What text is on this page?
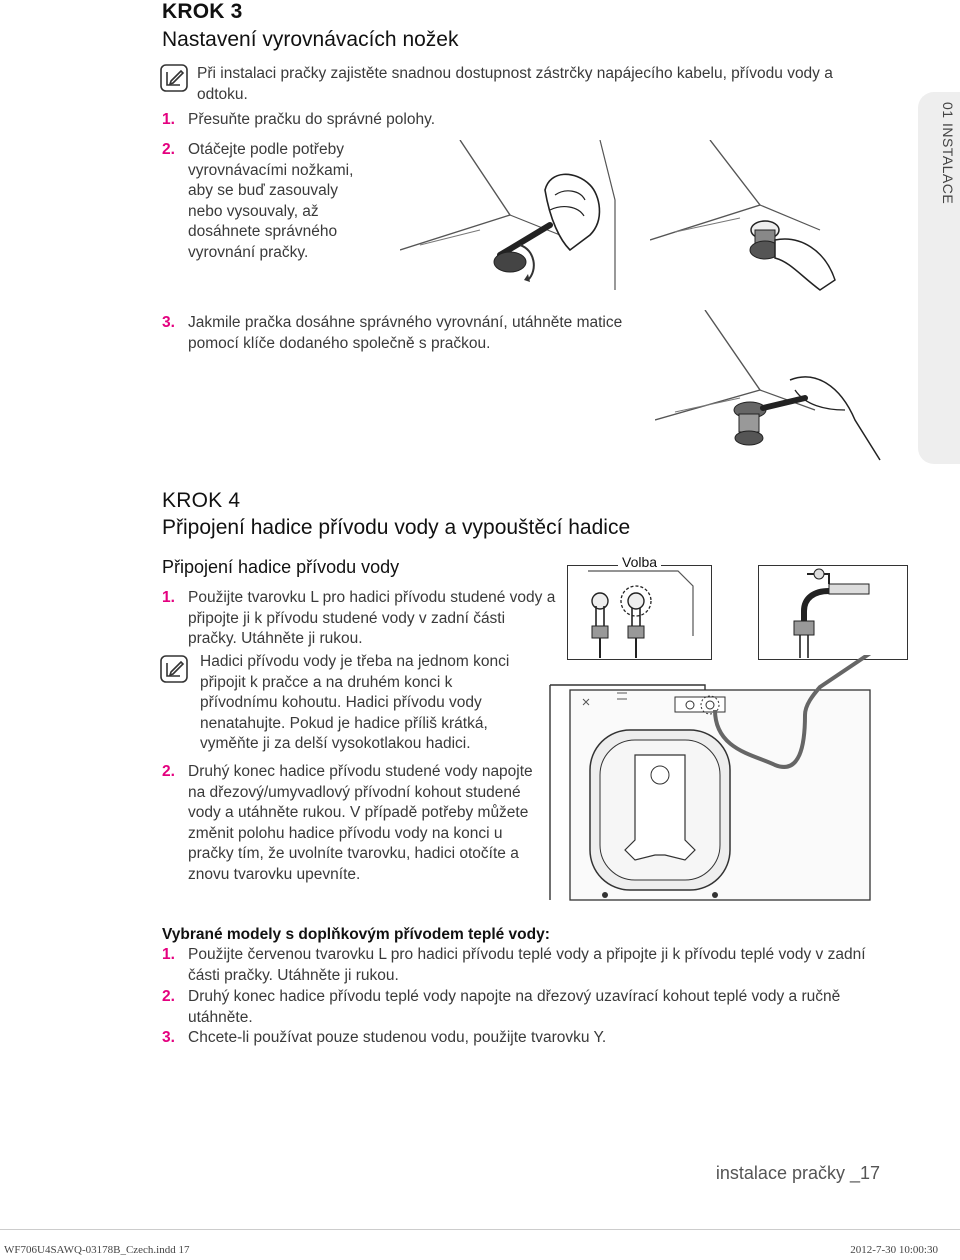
KROK 3
Nastavení vyrovnávacích nožek
Při instalaci pračky zajistěte snadnou dostupnost zástrčky napájecího kabelu, přívodu vody a odtoku.
1. Přesuňte pračku do správné polohy.
2. Otáčejte podle potřeby vyrovnávacími nožkami, aby se buď zasouvaly nebo vysouvaly, až dosáhnete správného vyrovnání pračky.
3. Jakmile pračka dosáhne správného vyrovnání, utáhněte matice pomocí klíče dodaného společně s pračkou.
01 INSTALACE
KROK 4
Připojení hadice přívodu vody a vypouštěcí hadice
Připojení hadice přívodu vody
1. Použijte tvarovku L pro hadici přívodu studené vody a připojte ji k přívodu studené vody v zadní části pračky. Utáhněte ji rukou.
Hadici přívodu vody je třeba na jednom konci připojit k pračce a na druhém konci k přívodnímu kohoutu. Hadici přívodu vody nenatahujte. Pokud je hadice příliš krátká, vyměňte ji za delší vysokotlakou hadici.
2. Druhý konec hadice přívodu studené vody napojte na dřezový/umyvadlový přívodní kohout studené vody a utáhněte rukou. V případě potřeby můžete změnit polohu hadice přívodu vody na konci u pračky tím, že uvolníte tvarovku, hadici otočíte a znovu tvarovku upevníte.
Volba
Vybrané modely s doplňkovým přívodem teplé vody:
1. Použijte červenou tvarovku L pro hadici přívodu teplé vody a připojte ji k přívodu teplé vody v zadní části pračky. Utáhněte ji rukou.
2. Druhý konec hadice přívodu teplé vody napojte na dřezový uzavírací kohout teplé vody a ručně utáhněte.
3. Chcete-li používat pouze studenou vodu, použijte tvarovku Y.
instalace pračky _17
WF706U4SAWQ-03178B_Czech.indd 17	2012-7-30 10:00:30
